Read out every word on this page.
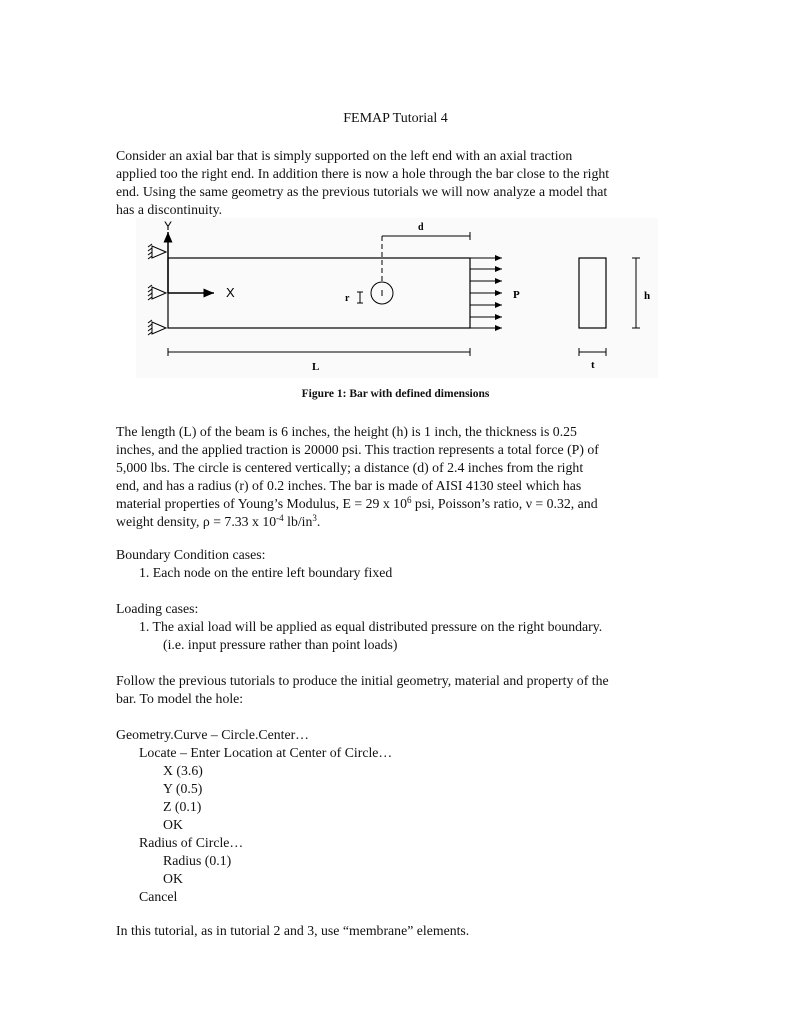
FEMAP Tutorial 4
Consider an axial bar that is simply supported on the left end with an axial traction
applied too the right end. In addition there is now a hole through the bar close to the right
end. Using the same geometry as the previous tutorials we will now analyze a model that
has a discontinuity.
Y
X	r
d
P
L
h
t
Figure 1: Bar with defined dimensions
The length (L) of the beam is 6 inches, the height (h) is 1 inch, the thickness is 0.25
inches, and the applied traction is 20000 psi. This traction represents a total force (P) of
5,000 lbs. The circle is centered vertically; a distance (d) of 2.4 inches from the right
end, and has a radius (r) of 0.2 inches. The bar is made of AISI 4130 steel which has
material properties of Young’s Modulus, E = 29 x $10^6$ psi, Poisson’s ratio, ν = 0.32, and
weight density, ρ = 7.33 x $10^{-4}$ $lb/in^3$.
Boundary Condition cases:
1. Each node on the entire left boundary fixed
Loading cases:
1. The axial load will be applied as equal distributed pressure on the right boundary.
(i.e. input pressure rather than point loads)
Follow the previous tutorials to produce the initial geometry, material and property of the
bar. To model the hole:
Geometry.Curve – Circle.Center…
Locate – Enter Location at Center of Circle…
X (3.6)
Y (0.5)
Z (0.1)
OK
Radius of Circle…
Radius (0.1)
OK
Cancel
In this tutorial, as in tutorial 2 and 3, use “membrane” elements.
